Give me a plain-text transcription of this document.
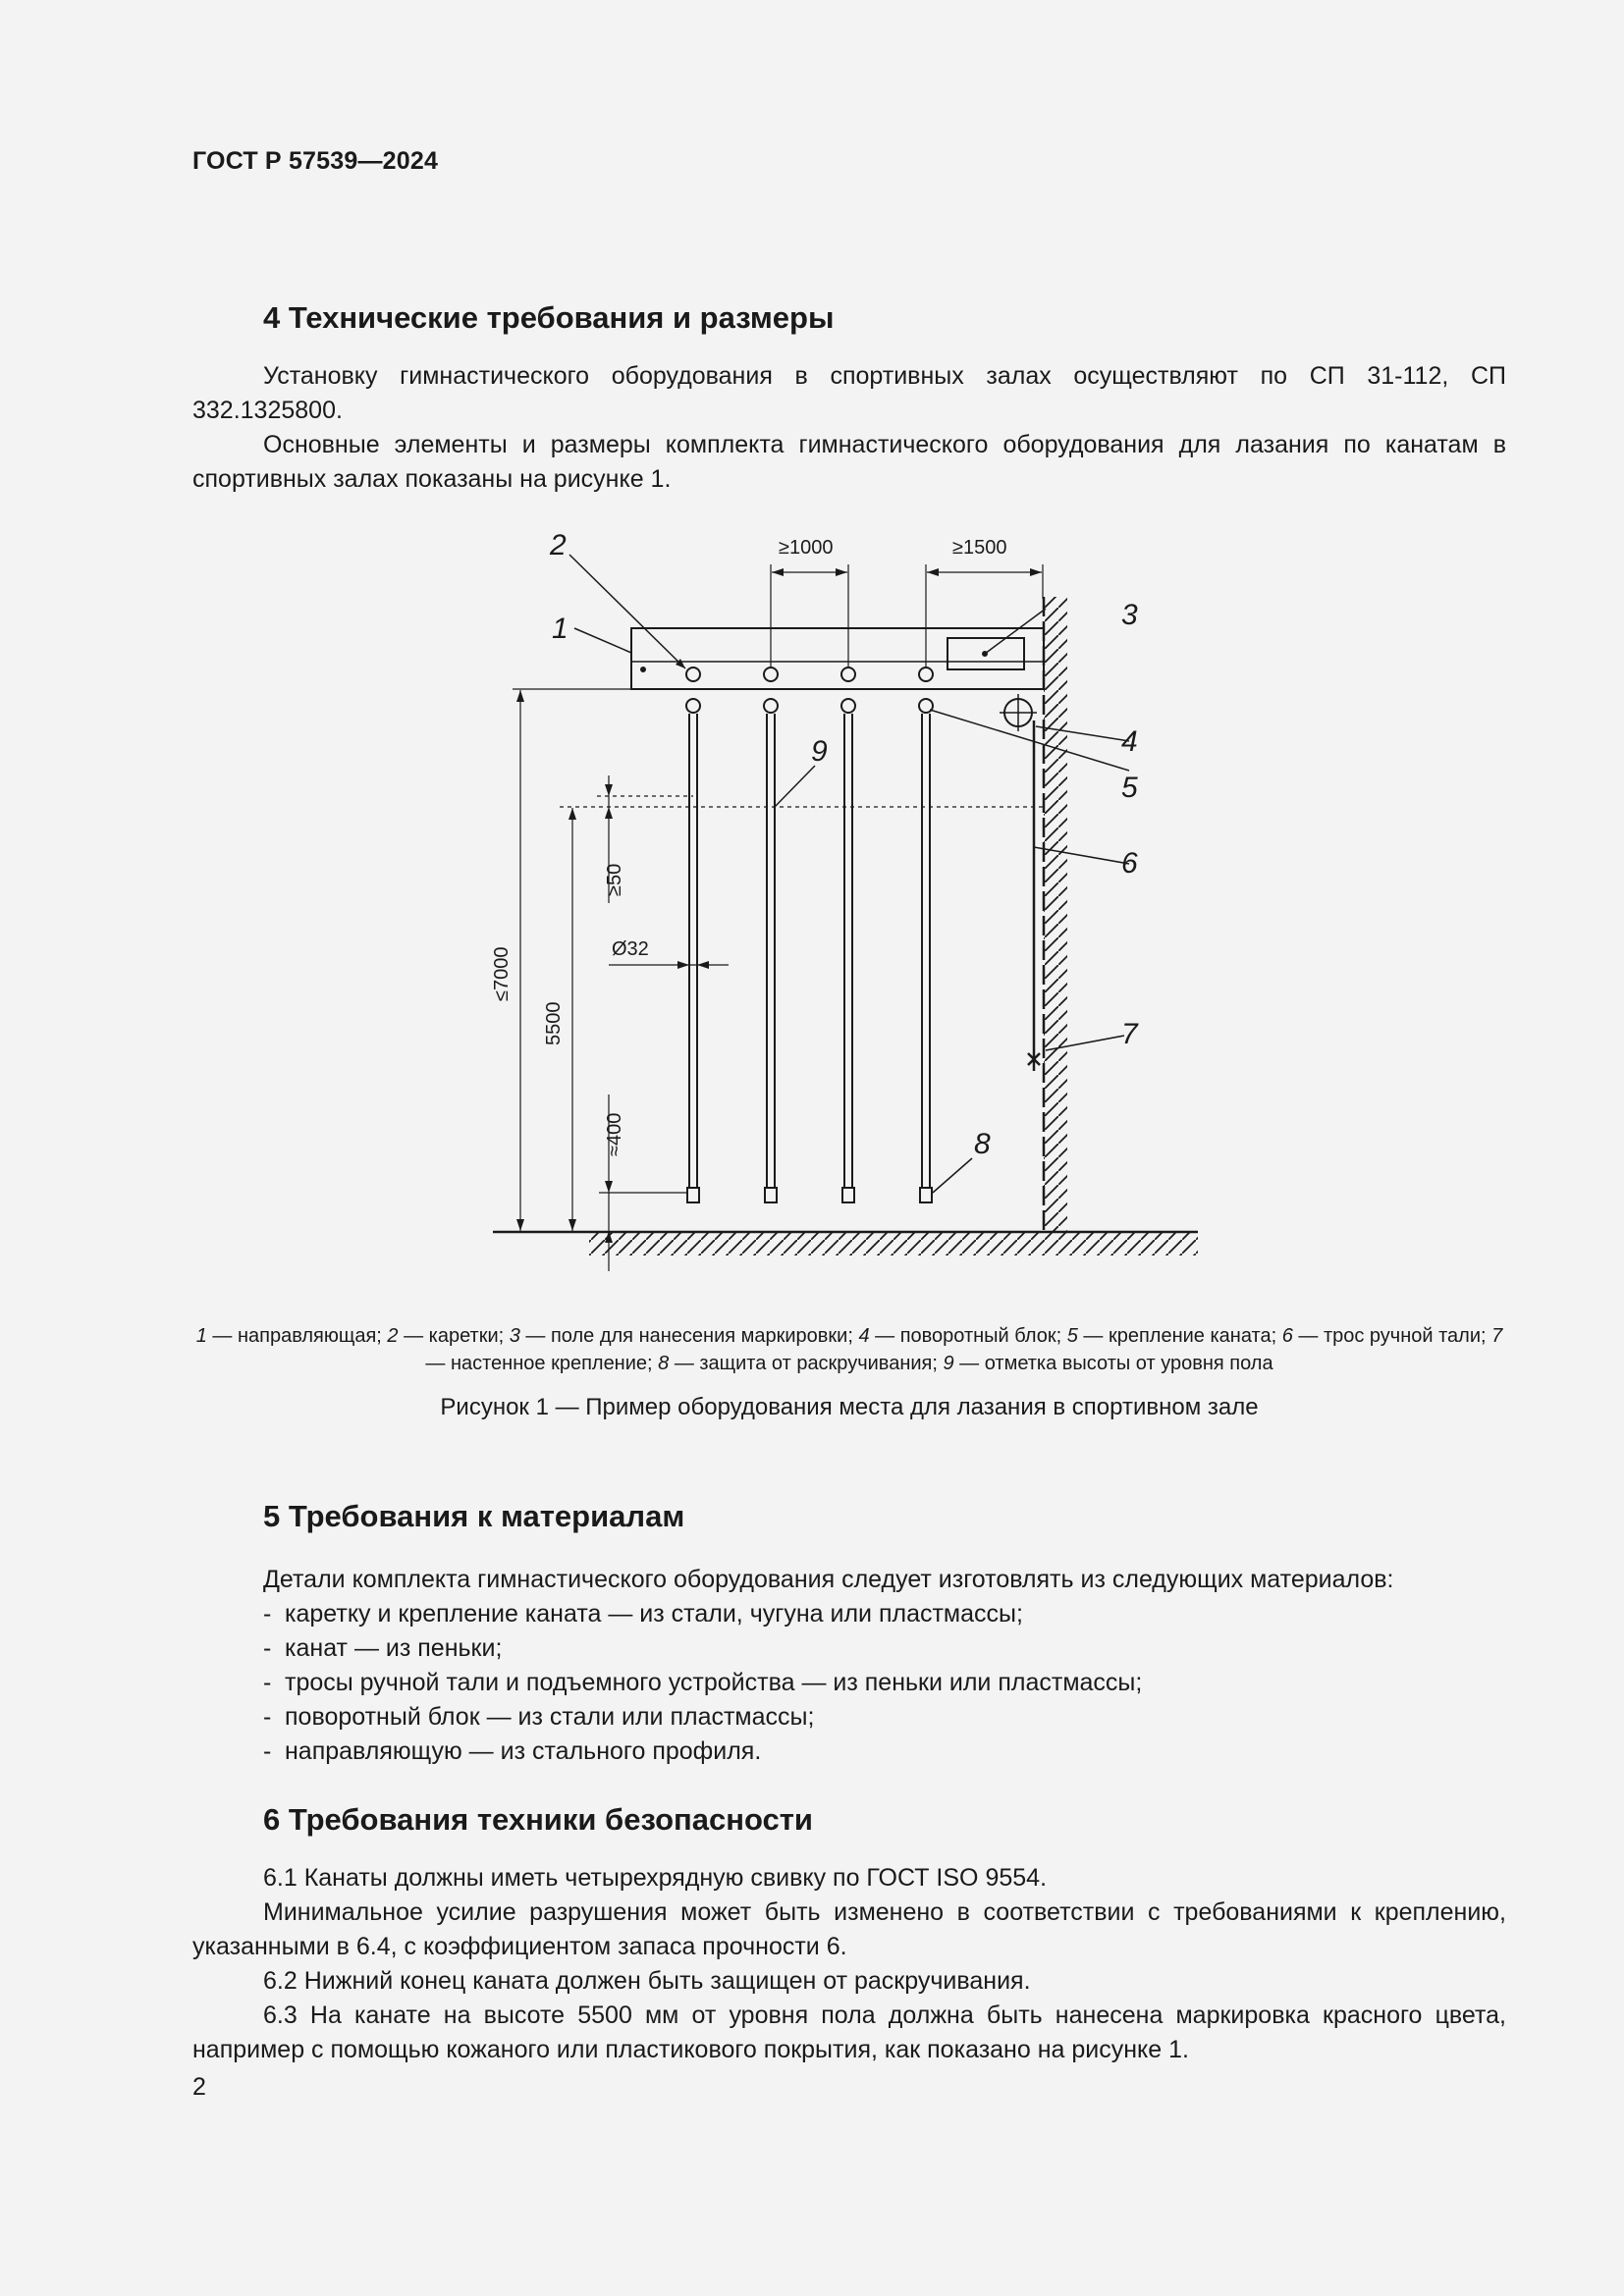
ГОСТ Р 57539—2024
4 Технические требования и размеры

Установку гимнастического оборудования в спортивных залах осуществляют по СП 31-112, СП 332.1325800.

Основные элементы и размеры комплекта гимнастического оборудования для лазания по канатам в спортивных залах показаны на рисунке 1.

≥1000	≥1500
≤7000
5500
≥50
≈400
Ø32
1
2
3
4
5
6
7
8
9

1 — направляющая; 2 — каретки; 3 — поле для нанесения маркировки; 4 — поворотный блок; 5 — крепление каната; 6 — трос ручной тали; 7 — настенное крепление; 8 — защита от раскручивания; 9 — отметка высоты от уровня пола

Рисунок 1 — Пример оборудования места для лазания в спортивном зале
5 Требования к материалам

Детали комплекта гимнастического оборудования следует изготовлять из следующих материалов:

- каретку и крепление каната — из стали, чугуна или пластмассы;
- канат — из пеньки;
- тросы ручной тали и подъемного устройства — из пеньки или пластмассы;
- поворотный блок — из стали или пластмассы;
- направляющую — из стального профиля.
6 Требования техники безопасности

6.1 Канаты должны иметь четырехрядную свивку по ГОСТ ISO 9554.

Минимальное усилие разрушения может быть изменено в соответствии с требованиями к креплению, указанными в 6.4, с коэффициентом запаса прочности 6.

6.2 Нижний конец каната должен быть защищен от раскручивания.

6.3 На канате на высоте 5500 мм от уровня пола должна быть нанесена маркировка красного цвета, например с помощью кожаного или пластикового покрытия, как показано на рисунке 1.

2
